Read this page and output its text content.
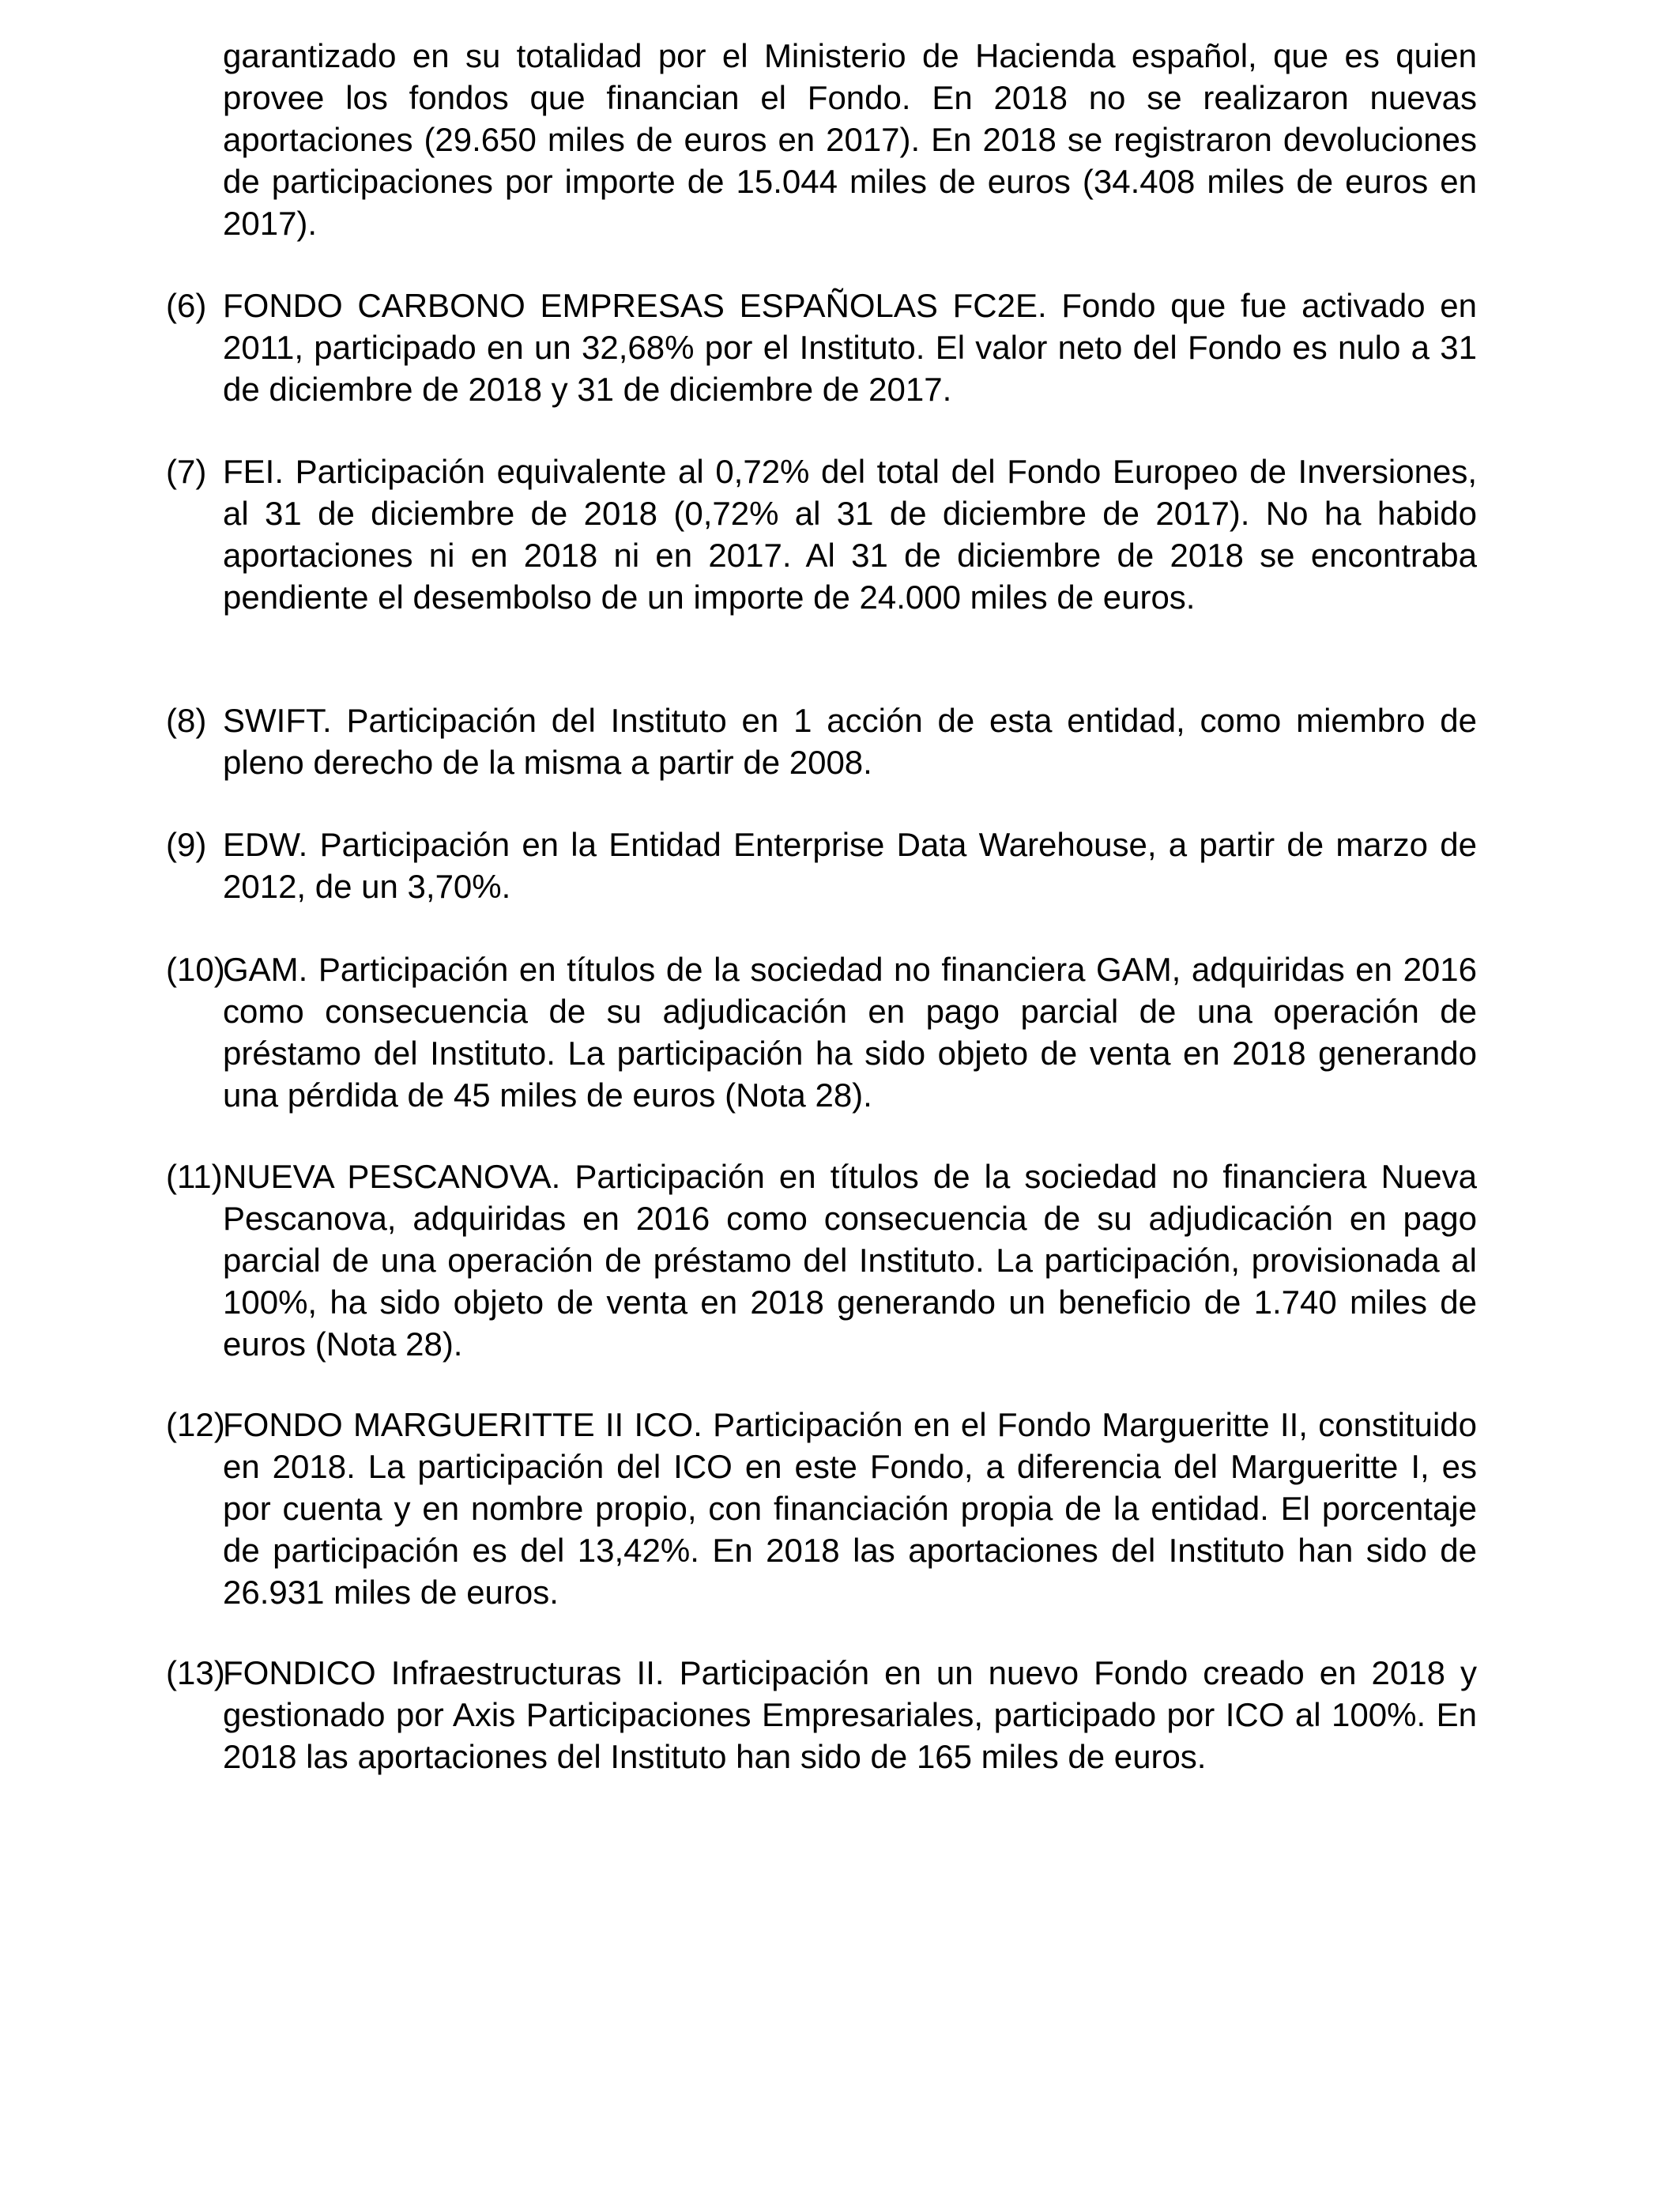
garantizado en su totalidad por el Ministerio de Hacienda español, que es quien provee los fondos que financian el Fondo. En 2018 no se realizaron nuevas aportaciones (29.650 miles de euros en 2017). En 2018 se registraron devoluciones de participaciones por importe de 15.044 miles de euros (34.408 miles de euros en 2017).

(6) FONDO CARBONO EMPRESAS ESPAÑOLAS FC2E. Fondo que fue activado en 2011, participado en un 32,68% por el Instituto. El valor neto del Fondo es nulo a 31 de diciembre de 2018 y 31 de diciembre de 2017.
(7) FEI. Participación equivalente al 0,72% del total del Fondo Europeo de Inversiones, al 31 de diciembre de 2018 (0,72% al 31 de diciembre de 2017). No ha habido aportaciones ni en 2018 ni en 2017. Al 31 de diciembre de 2018 se encontraba pendiente el desembolso de un importe de 24.000 miles de euros.
(8) SWIFT. Participación del Instituto en 1 acción de esta entidad, como miembro de pleno derecho de la misma a partir de 2008.
(9) EDW. Participación en la Entidad Enterprise Data Warehouse, a partir de marzo de 2012, de un 3,70%.
(10)
GAM. Participación en títulos de la sociedad no financiera GAM, adquiridas en 2016 como consecuencia de su adjudicación en pago parcial de una operación de préstamo del Instituto. La participación ha sido objeto de venta en 2018 generando una pérdida de 45 miles de euros (Nota 28).
(11) NUEVA PESCANOVA. Participación en títulos de la sociedad no financiera Nueva Pescanova, adquiridas en 2016 como consecuencia de su adjudicación en pago parcial de una operación de préstamo del Instituto. La participación, provisionada al 100%, ha sido objeto de venta en 2018 generando un beneficio de 1.740 miles de euros (Nota 28).
(12)
FONDO MARGUERITTE II ICO. Participación en el Fondo Margueritte II, constituido en 2018. La participación del ICO en este Fondo, a diferencia del Margueritte I, es por cuenta y en nombre propio, con financiación propia de la entidad. El porcentaje de participación es del 13,42%. En 2018 las aportaciones del Instituto han sido de 26.931 miles de euros.
(13)
FONDICO Infraestructuras II. Participación en un nuevo Fondo creado en 2018 y gestionado por Axis Participaciones Empresariales, participado por ICO al 100%. En 2018 las aportaciones del Instituto han sido de 165 miles de euros.
